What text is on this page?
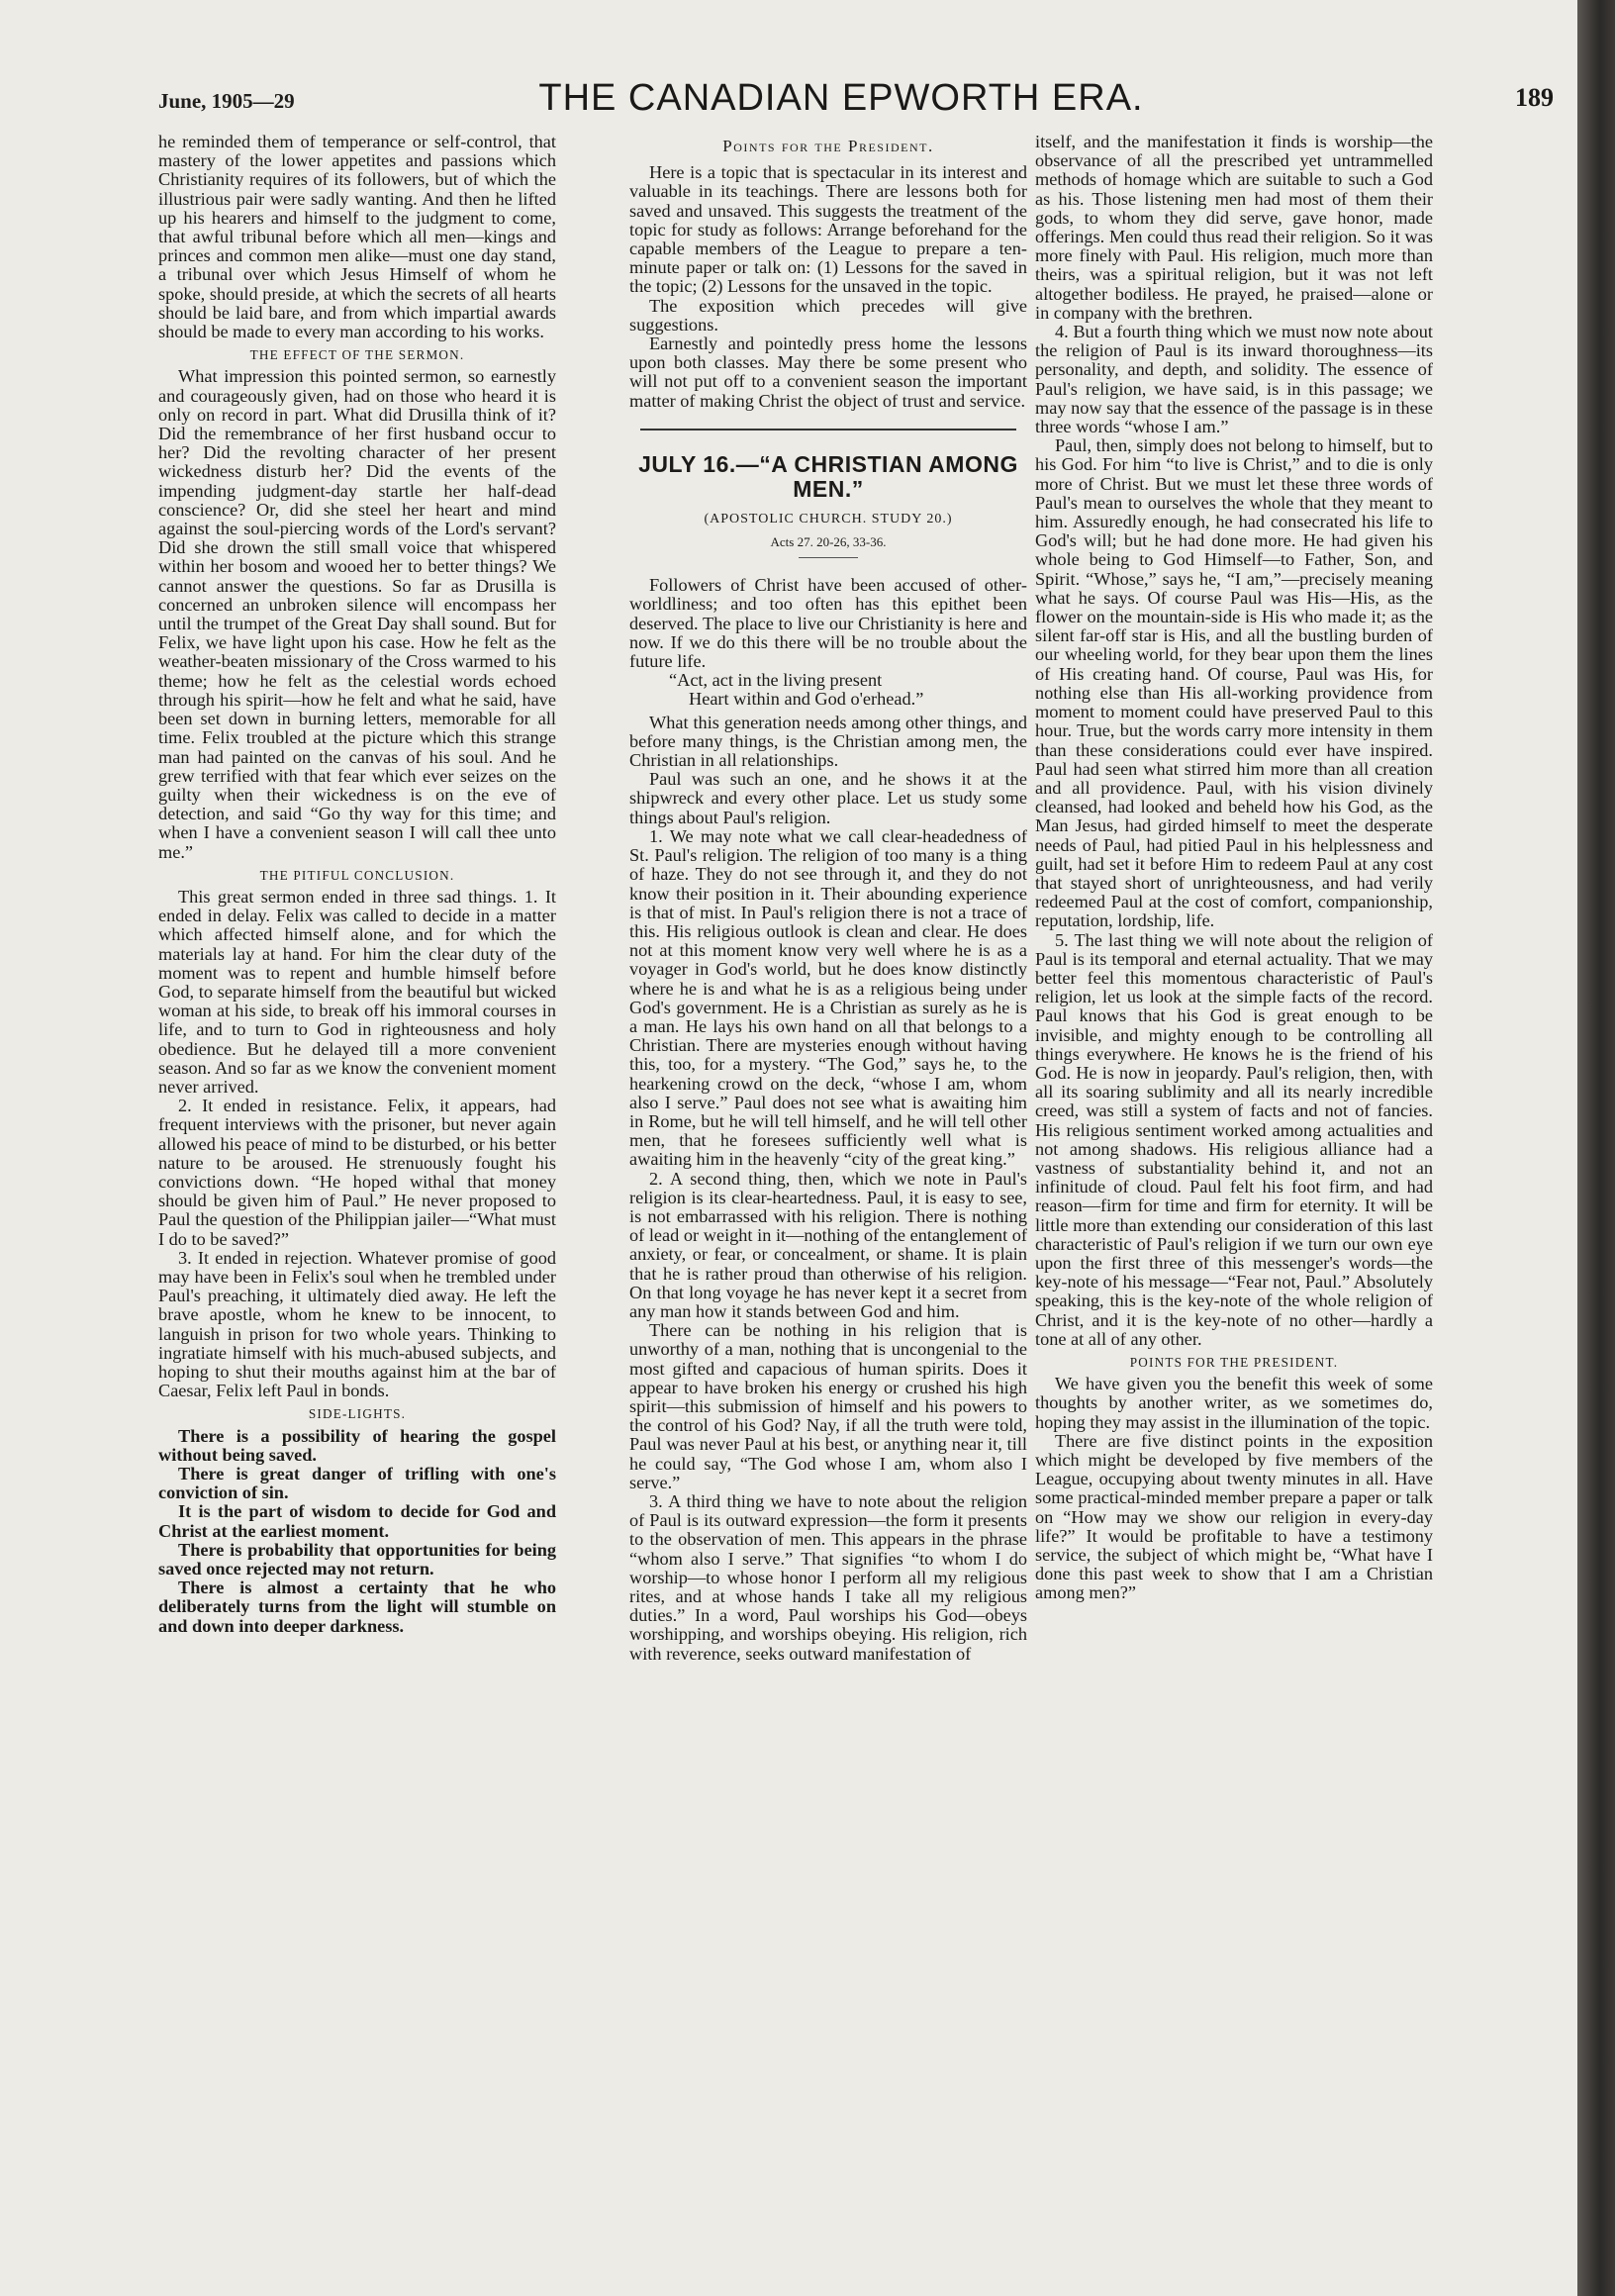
June, 1905—29	THE CANADIAN EPWORTH ERA.	189

he reminded them of temperance or self-control, that mastery of the lower appetites and passions which Christianity requires of its followers, but of which the illustrious pair were sadly wanting. And then he lifted up his hearers and himself to the judgment to come, that awful tribunal before which all men—kings and princes and common men alike—must one day stand, a tribunal over which Jesus Himself of whom he spoke, should preside, at which the secrets of all hearts should be laid bare, and from which impartial awards should be made to every man according to his works.

THE EFFECT OF THE SERMON.

What impression this pointed sermon, so earnestly and courageously given, had on those who heard it is only on record in part. What did Drusilla think of it? Did the remembrance of her first husband occur to her? Did the revolting character of her present wickedness disturb her? Did the events of the impending judgment-day startle her half-dead conscience? Or, did she steel her heart and mind against the soul-piercing words of the Lord's servant? Did she drown the still small voice that whispered within her bosom and wooed her to better things? We cannot answer the questions. So far as Drusilla is concerned an unbroken silence will encompass her until the trumpet of the Great Day shall sound. But for Felix, we have light upon his case. How he felt as the weather-beaten missionary of the Cross warmed to his theme; how he felt as the celestial words echoed through his spirit—how he felt and what he said, have been set down in burning letters, memorable for all time. Felix troubled at the picture which this strange man had painted on the canvas of his soul. And he grew terrified with that fear which ever seizes on the guilty when their wickedness is on the eve of detection, and said “Go thy way for this time; and when I have a convenient season I will call thee unto me.”

THE PITIFUL CONCLUSION.

This great sermon ended in three sad things. 1. It ended in delay. Felix was called to decide in a matter which affected himself alone, and for which the materials lay at hand. For him the clear duty of the moment was to repent and humble himself before God, to separate himself from the beautiful but wicked woman at his side, to break off his immoral courses in life, and to turn to God in righteousness and holy obedience. But he delayed till a more convenient season. And so far as we know the convenient moment never arrived.

2. It ended in resistance. Felix, it appears, had frequent interviews with the prisoner, but never again allowed his peace of mind to be disturbed, or his better nature to be aroused. He strenuously fought his convictions down. “He hoped withal that money should be given him of Paul.” He never proposed to Paul the question of the Philippian jailer—“What must I do to be saved?”

3. It ended in rejection. Whatever promise of good may have been in Felix's soul when he trembled under Paul's preaching, it ultimately died away. He left the brave apostle, whom he knew to be innocent, to languish in prison for two whole years. Thinking to ingratiate himself with his much-abused subjects, and hoping to shut their mouths against him at the bar of Caesar, Felix left Paul in bonds.

SIDE-LIGHTS.

There is a possibility of hearing the gospel without being saved.

There is great danger of trifling with one's conviction of sin.

It is the part of wisdom to decide for God and Christ at the earliest moment.

There is probability that opportunities for being saved once rejected may not return.

There is almost a certainty that he who deliberately turns from the light will stumble on and down into deeper darkness.

Points for the President.

Here is a topic that is spectacular in its interest and valuable in its teachings. There are lessons both for saved and unsaved. This suggests the treatment of the topic for study as follows: Arrange beforehand for the capable members of the League to prepare a ten-minute paper or talk on: (1) Lessons for the saved in the topic; (2) Lessons for the unsaved in the topic.

The exposition which precedes will give suggestions.

Earnestly and pointedly press home the lessons upon both classes. May there be some present who will not put off to a convenient season the important matter of making Christ the object of trust and service.

JULY 16.—“A CHRISTIAN AMONG MEN.”
(APOSTOLIC CHURCH. STUDY 20.)
Acts 27. 20-26, 33-36.

Followers of Christ have been accused of other-worldliness; and too often has this epithet been deserved. The place to live our Christianity is here and now. If we do this there will be no trouble about the future life.

“Act, act in the living present
Heart within and God o'erhead.”

What this generation needs among other things, and before many things, is the Christian among men, the Christian in all relationships.

Paul was such an one, and he shows it at the shipwreck and every other place. Let us study some things about Paul's religion.

1. We may note what we call clear-headedness of St. Paul's religion. The religion of too many is a thing of haze. They do not see through it, and they do not know their position in it. Their abounding experience is that of mist. In Paul's religion there is not a trace of this. His religious outlook is clean and clear. He does not at this moment know very well where he is as a voyager in God's world, but he does know distinctly where he is and what he is as a religious being under God's government. He is a Christian as surely as he is a man. He lays his own hand on all that belongs to a Christian. There are mysteries enough without having this, too, for a mystery. “The God,” says he, to the hearkening crowd on the deck, “whose I am, whom also I serve.” Paul does not see what is awaiting him in Rome, but he will tell himself, and he will tell other men, that he foresees sufficiently well what is awaiting him in the heavenly “city of the great king.”

2. A second thing, then, which we note in Paul's religion is its clear-heartedness. Paul, it is easy to see, is not embarrassed with his religion. There is nothing of lead or weight in it—nothing of the entanglement of anxiety, or fear, or concealment, or shame. It is plain that he is rather proud than otherwise of his religion. On that long voyage he has never kept it a secret from any man how it stands between God and him.

There can be nothing in his religion that is unworthy of a man, nothing that is uncongenial to the most gifted and capacious of human spirits. Does it appear to have broken his energy or crushed his high spirit—this submission of himself and his powers to the control of his God? Nay, if all the truth were told, Paul was never Paul at his best, or anything near it, till he could say, “The God whose I am, whom also I serve.”

3. A third thing we have to note about the religion of Paul is its outward expression—the form it presents to the observation of men. This appears in the phrase “whom also I serve.” That signifies “to whom I do worship—to whose honor I perform all my religious rites, and at whose hands I take all my religious duties.” In a word, Paul worships his God—obeys worshipping, and worships obeying. His religion, rich with reverence, seeks outward manifestation of

itself, and the manifestation it finds is worship—the observance of all the prescribed yet untrammelled methods of homage which are suitable to such a God as his. Those listening men had most of them their gods, to whom they did serve, gave honor, made offerings. Men could thus read their religion. So it was more finely with Paul. His religion, much more than theirs, was a spiritual religion, but it was not left altogether bodiless. He prayed, he praised—alone or in company with the brethren.

4. But a fourth thing which we must now note about the religion of Paul is its inward thoroughness—its personality, and depth, and solidity. The essence of Paul's religion, we have said, is in this passage; we may now say that the essence of the passage is in these three words “whose I am.”

Paul, then, simply does not belong to himself, but to his God. For him “to live is Christ,” and to die is only more of Christ. But we must let these three words of Paul's mean to ourselves the whole that they meant to him. Assuredly enough, he had consecrated his life to God's will; but he had done more. He had given his whole being to God Himself—to Father, Son, and Spirit. “Whose,” says he, “I am,”—precisely meaning what he says. Of course Paul was His—His, as the flower on the mountain-side is His who made it; as the silent far-off star is His, and all the bustling burden of our wheeling world, for they bear upon them the lines of His creating hand. Of course, Paul was His, for nothing else than His all-working providence from moment to moment could have preserved Paul to this hour. True, but the words carry more intensity in them than these considerations could ever have inspired. Paul had seen what stirred him more than all creation and all providence. Paul, with his vision divinely cleansed, had looked and beheld how his God, as the Man Jesus, had girded himself to meet the desperate needs of Paul, had pitied Paul in his helplessness and guilt, had set it before Him to redeem Paul at any cost that stayed short of unrighteousness, and had verily redeemed Paul at the cost of comfort, companionship, reputation, lordship, life.

5. The last thing we will note about the religion of Paul is its temporal and eternal actuality. That we may better feel this momentous characteristic of Paul's religion, let us look at the simple facts of the record. Paul knows that his God is great enough to be invisible, and mighty enough to be controlling all things everywhere. He knows he is the friend of his God. He is now in jeopardy. Paul's religion, then, with all its soaring sublimity and all its nearly incredible creed, was still a system of facts and not of fancies. His religious sentiment worked among actualities and not among shadows. His religious alliance had a vastness of substantiality behind it, and not an infinitude of cloud. Paul felt his foot firm, and had reason—firm for time and firm for eternity. It will be little more than extending our consideration of this last characteristic of Paul's religion if we turn our own eye upon the first three of this messenger's words—the key-note of his message—“Fear not, Paul.” Absolutely speaking, this is the key-note of the whole religion of Christ, and it is the key-note of no other—hardly a tone at all of any other.

POINTS FOR THE PRESIDENT.

We have given you the benefit this week of some thoughts by another writer, as we sometimes do, hoping they may assist in the illumination of the topic.

There are five distinct points in the exposition which might be developed by five members of the League, occupying about twenty minutes in all. Have some practical-minded member prepare a paper or talk on “How may we show our religion in every-day life?” It would be profitable to have a testimony service, the subject of which might be, “What have I done this past week to show that I am a Christian among men?”
